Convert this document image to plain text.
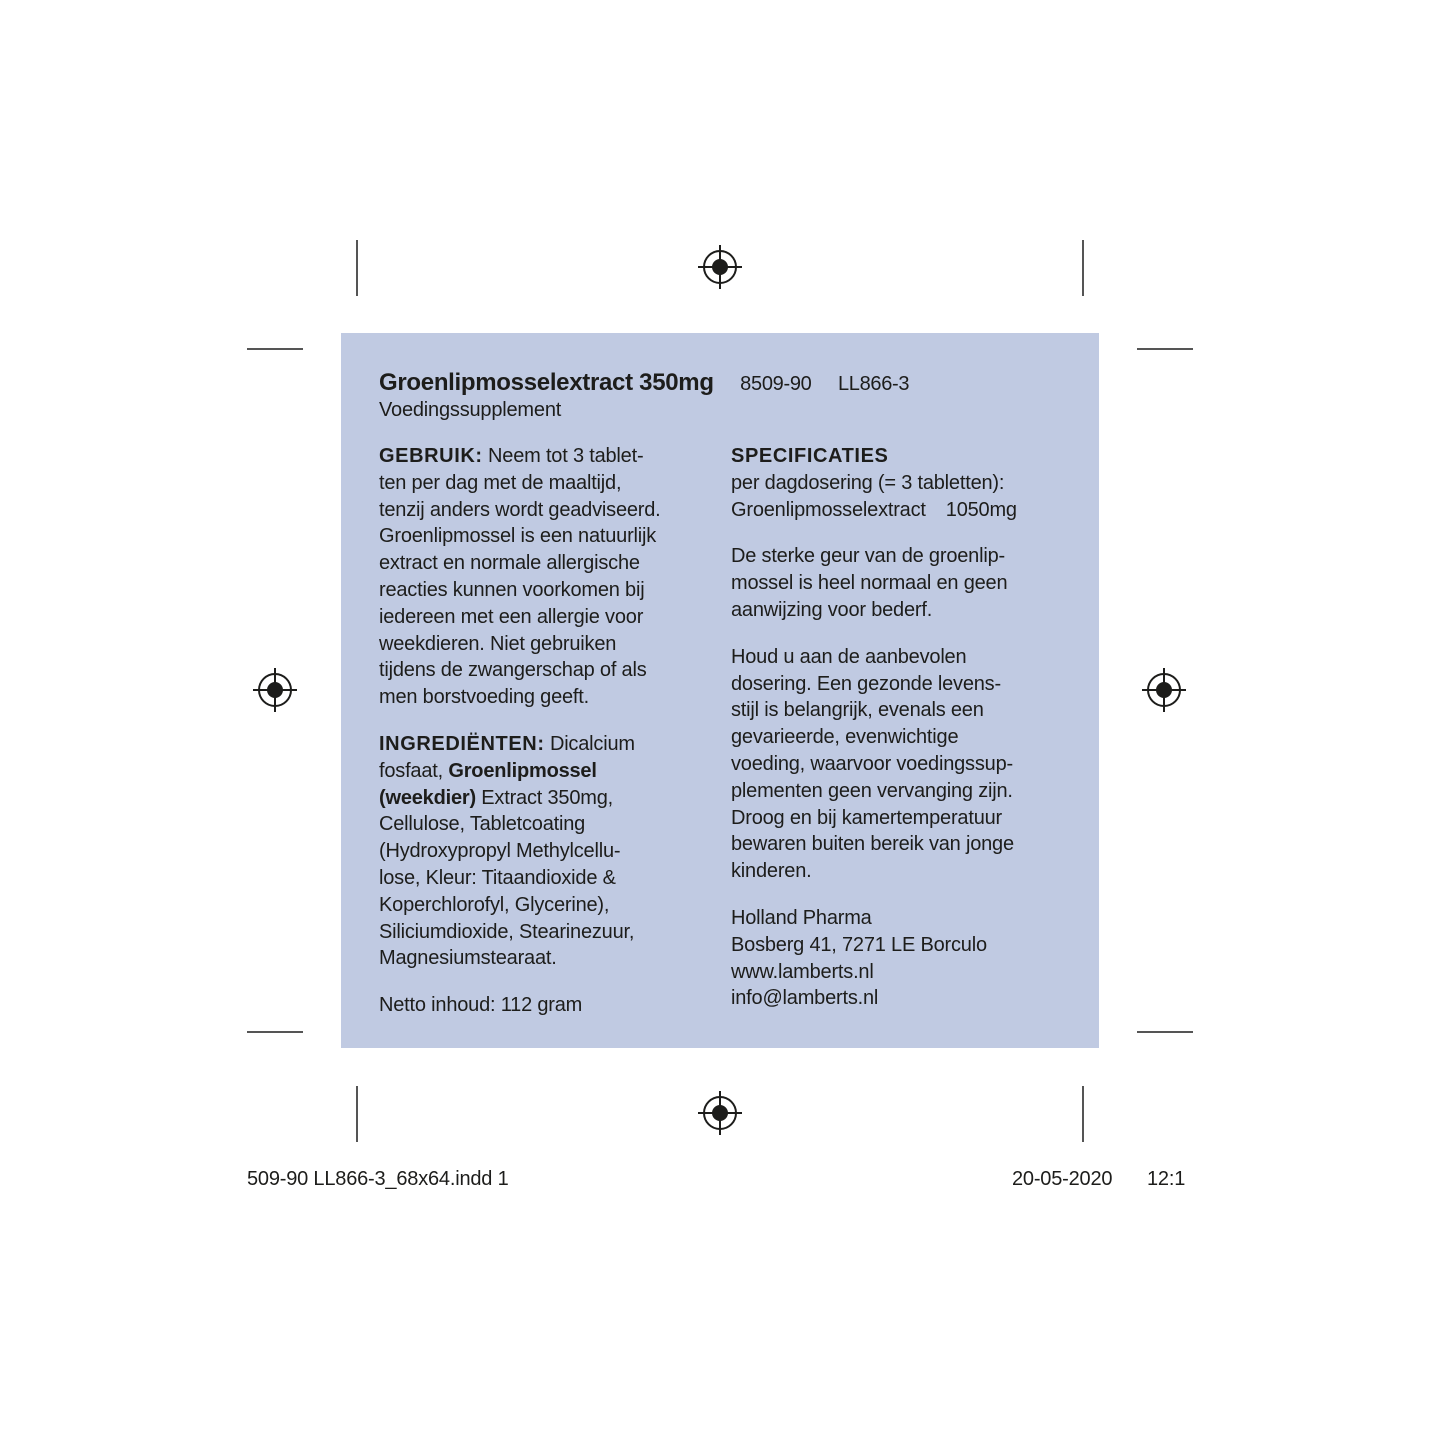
Groenlipmosselextract 350mg 8509-90 LL866-3
Voedingssupplement

GEBRUIK: Neem tot 3 tablet-
ten per dag met de maaltijd,
tenzij anders wordt geadviseerd.
Groenlipmossel is een natuurlijk
extract en normale allergische
reacties kunnen voorkomen bij
iedereen met een allergie voor
weekdieren. Niet gebruiken
tijdens de zwangerschap of als
men borstvoeding geeft.

INGREDIËNTEN: Dicalcium
fosfaat, Groenlipmossel
(weekdier) Extract 350mg,
Cellulose, Tabletcoating
(Hydroxypropyl Methylcellu-
lose, Kleur: Titaandioxide &
Koperchlorofyl, Glycerine),
Siliciumdioxide, Stearinezuur,
Magnesiumstearaat.

Netto inhoud: 112 gram

SPECIFICATIES
per dagdosering (= 3 tabletten):

Groenlipmosselextract 1050mg

De sterke geur van de groenlip-
mossel is heel normaal en geen
aanwijzing voor bederf.

Houd u aan de aanbevolen
dosering. Een gezonde levens-
stijl is belangrijk, evenals een
gevarieerde, evenwichtige
voeding, waarvoor voedingssup-
plementen geen vervanging zijn.
Droog en bij kamertemperatuur
bewaren buiten bereik van jonge
kinderen.

Holland Pharma
Bosberg 41, 7271 LE Borculo
www.lamberts.nl
info@lamberts.nl

509-90 LL866-3_68x64.indd 1	20-05-2020 12:1
